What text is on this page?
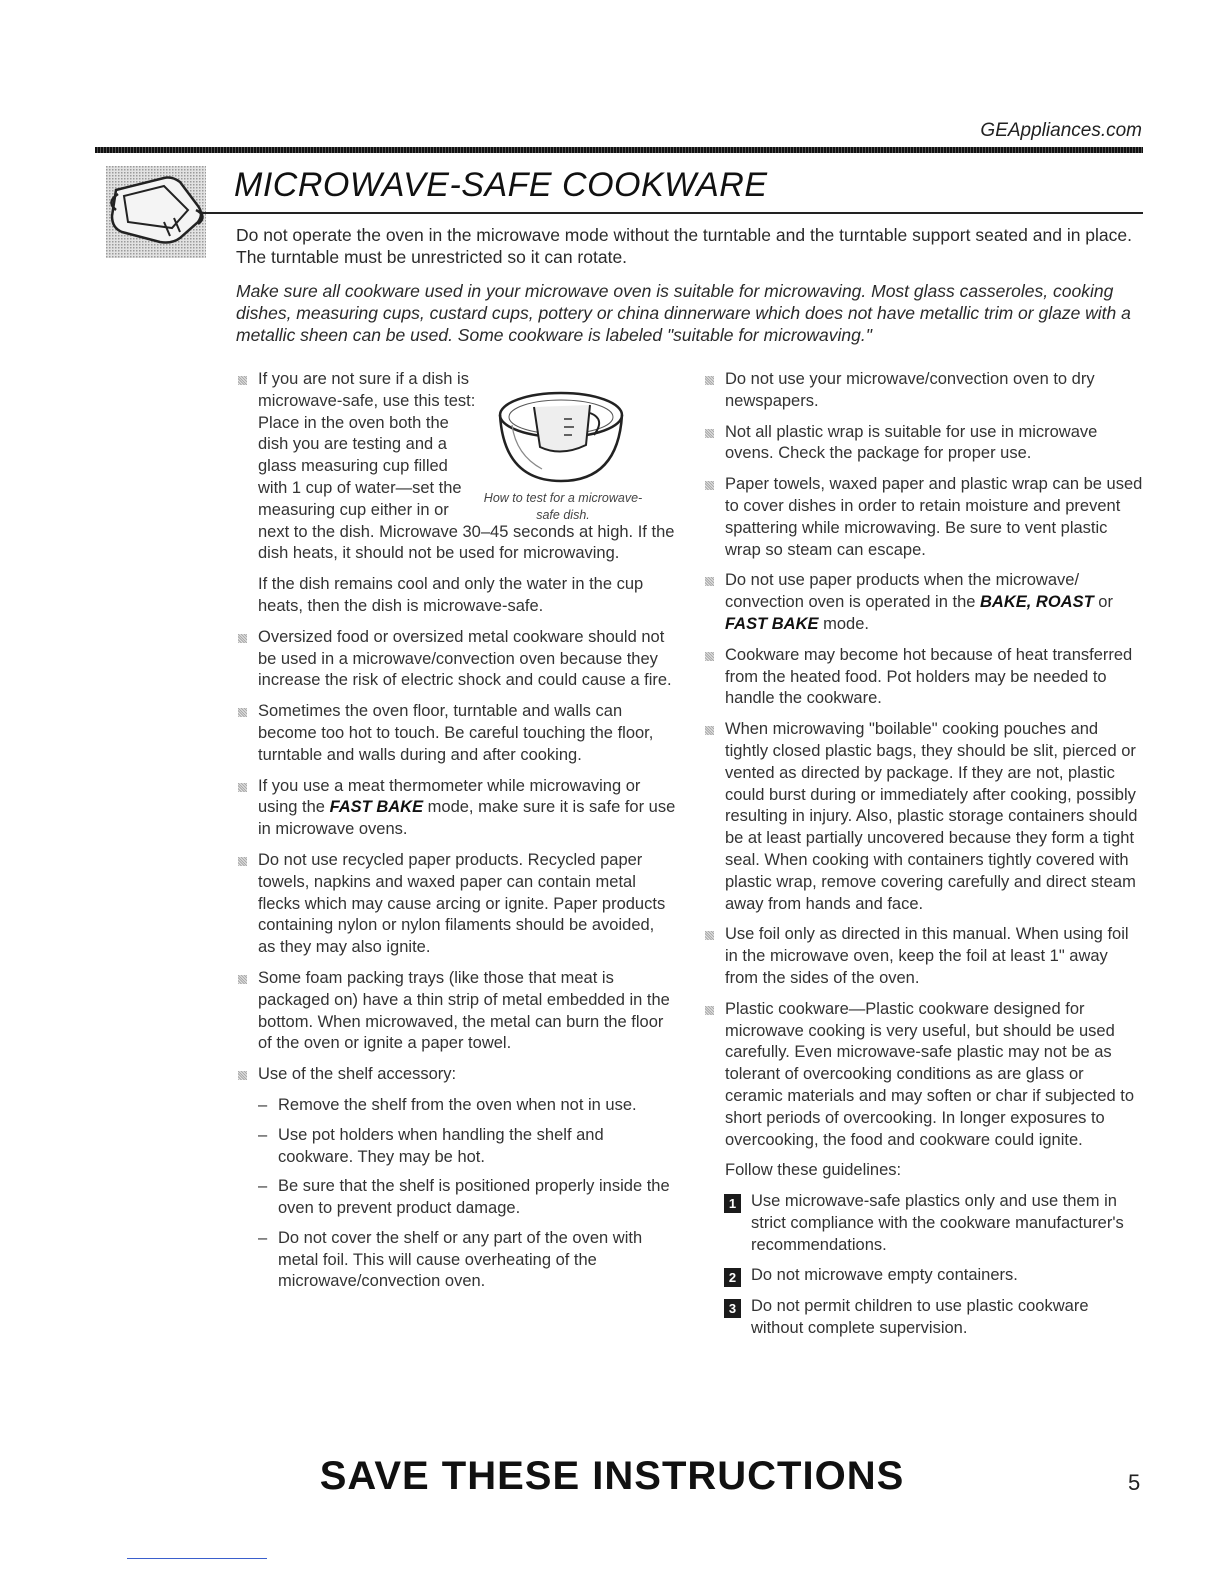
GEAppliances.com
MICROWAVE-SAFE COOKWARE

Do not operate the oven in the microwave mode without the turntable and the turntable support seated and in place. The turntable must be unrestricted so it can rotate.

Make sure all cookware used in your microwave oven is suitable for microwaving. Most glass casseroles, cooking dishes, measuring cups, custard cups, pottery or china dinnerware which does not have metallic trim or glaze with a metallic sheen can be used. Some cookware is labeled "suitable for microwaving."

How to test for a microwave-safe dish.

If you are not sure if a dish is microwave-safe, use this test: Place in the oven both the dish you are testing and a glass measuring cup filled with 1 cup of water—set the measuring cup either in or next to the dish. Microwave 30–45 seconds at high. If the dish heats, it should not be used for microwaving.

If the dish remains cool and only the water in the cup heats, then the dish is microwave-safe.

Oversized food or oversized metal cookware should not be used in a microwave/convection oven because they increase the risk of electric shock and could cause a fire.
Sometimes the oven floor, turntable and walls can become too hot to touch. Be careful touching the floor, turntable and walls during and after cooking.
If you use a meat thermometer while microwaving or using the FAST BAKE mode, make sure it is safe for use in microwave ovens.
Do not use recycled paper products. Recycled paper towels, napkins and waxed paper can contain metal flecks which may cause arcing or ignite. Paper products containing nylon or nylon filaments should be avoided, as they may also ignite.
Some foam packing trays (like those that meat is packaged on) have a thin strip of metal embedded in the bottom. When microwaved, the metal can burn the floor of the oven or ignite a paper towel.
Use of the shelf accessory:
– Remove the shelf from the oven when not in use.
– Use pot holders when handling the shelf and cookware. They may be hot.
– Be sure that the shelf is positioned properly inside the oven to prevent product damage.
– Do not cover the shelf or any part of the oven with metal foil. This will cause overheating of the microwave/convection oven.
Do not use your microwave/convection oven to dry newspapers.
Not all plastic wrap is suitable for use in microwave ovens. Check the package for proper use.
Paper towels, waxed paper and plastic wrap can be used to cover dishes in order to retain moisture and prevent spattering while microwaving. Be sure to vent plastic wrap so steam can escape.
Do not use paper products when the microwave/ convection oven is operated in the BAKE, ROAST or FAST BAKE mode.
Cookware may become hot because of heat transferred from the heated food. Pot holders may be needed to handle the cookware.
When microwaving "boilable" cooking pouches and tightly closed plastic bags, they should be slit, pierced or vented as directed by package. If they are not, plastic could burst during or immediately after cooking, possibly resulting in injury. Also, plastic storage containers should be at least partially uncovered because they form a tight seal. When cooking with containers tightly covered with plastic wrap, remove covering carefully and direct steam away from hands and face.
Use foil only as directed in this manual. When using foil in the microwave oven, keep the foil at least 1" away from the sides of the oven.
Plastic cookware—Plastic cookware designed for microwave cooking is very useful, but should be used carefully. Even microwave-safe plastic may not be as tolerant of overcooking conditions as are glass or ceramic materials and may soften or char if subjected to short periods of overcooking. In longer exposures to overcooking, the food and cookware could ignite.

Follow these guidelines:

1 Use microwave-safe plastics only and use them in strict compliance with the cookware manufacturer's recommendations.
2 Do not microwave empty containers.
3 Do not permit children to use plastic cookware without complete supervision.

SAVE THESE INSTRUCTIONS	5
